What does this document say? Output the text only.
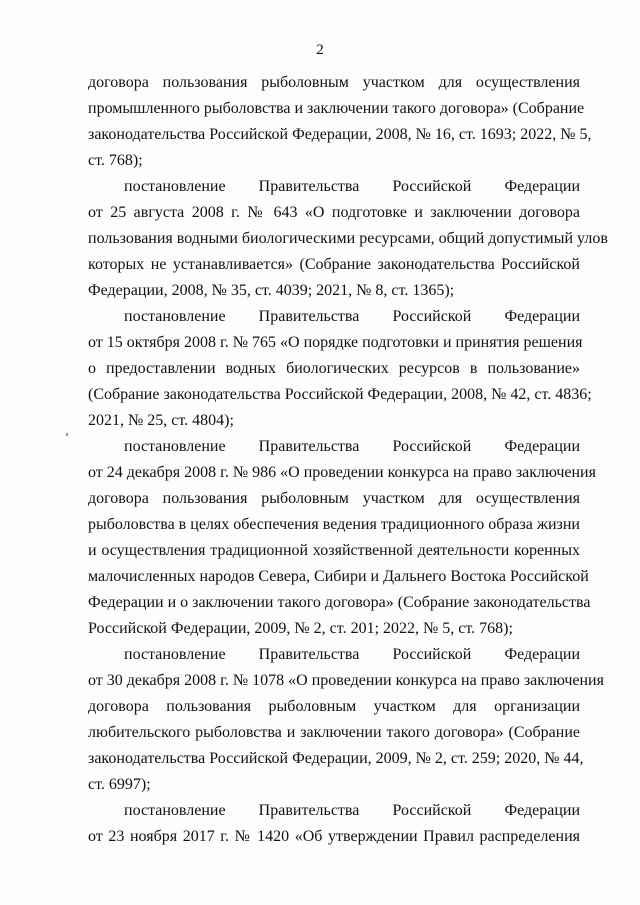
2

договора пользования рыболовным участком для осуществления
промышленного рыболовства и заключении такого договора» (Собрание
законодательства Российской Федерации, 2008, № 16, ст. 1693; 2022, № 5,
ст. 768);

постановление Правительства Российской Федерации
от 25 августа 2008 г. № 643 «О подготовке и заключении договора
пользования водными биологическими ресурсами, общий допустимый улов
которых не устанавливается» (Собрание законодательства Российской
Федерации, 2008, № 35, ст. 4039; 2021, № 8, ст. 1365);

постановление Правительства Российской Федерации
от 15 октября 2008 г. № 765 «О порядке подготовки и принятия решения
о предоставлении водных биологических ресурсов в пользование»
(Собрание законодательства Российской Федерации, 2008, № 42, ст. 4836;
2021, № 25, ст. 4804);

постановление Правительства Российской Федерации
от 24 декабря 2008 г. № 986 «О проведении конкурса на право заключения
договора пользования рыболовным участком для осуществления
рыболовства в целях обеспечения ведения традиционного образа жизни
и осуществления традиционной хозяйственной деятельности коренных
малочисленных народов Севера, Сибири и Дальнего Востока Российской
Федерации и о заключении такого договора» (Собрание законодательства
Российской Федерации, 2009, № 2, ст. 201; 2022, № 5, ст. 768);

постановление Правительства Российской Федерации
от 30 декабря 2008 г. № 1078 «О проведении конкурса на право заключения
договора пользования рыболовным участком для организации
любительского рыболовства и заключении такого договора» (Собрание
законодательства Российской Федерации, 2009, № 2, ст. 259; 2020, № 44,
ст. 6997);

постановление Правительства Российской Федерации
от 23 ноября 2017 г. № 1420 «Об утверждении Правил распределения
